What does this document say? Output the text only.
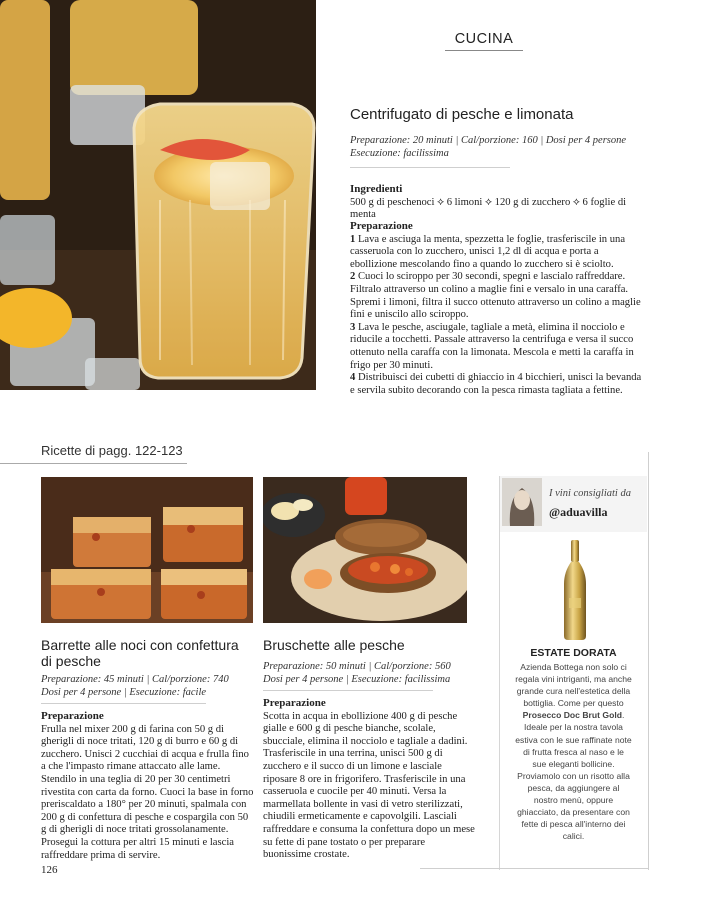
CUCINA
Centrifugato di pesche e limonata
Preparazione: 20 minuti | Cal/porzione: 160 | Dosi per 4 persone
Esecuzione: facilissima

Ingredienti

500 g di peschenoci ⟡ 6 limoni ⟡ 120 g di zucchero ⟡ 6 foglie di menta

Preparazione

1 Lava e asciuga la menta, spezzetta le foglie, trasferiscile in una casseruola con lo zucchero, unisci 1,2 dl di acqua e porta a ebollizione mescolando fino a quando lo zucchero si è sciolto.

2 Cuoci lo sciroppo per 30 secondi, spegni e lascialo raffreddare. Filtralo attraverso un colino a maglie fini e versalo in una caraffa. Spremi i limoni, filtra il succo ottenuto attraverso un colino a maglie fini e uniscilo allo sciroppo.

3 Lava le pesche, asciugale, tagliale a metà, elimina il nocciolo e riducile a tocchetti. Passale attraverso la centrifuga e versa il succo ottenuto nella caraffa con la limonata. Mescola e metti la caraffa in frigo per 30 minuti.

4 Distribuisci dei cubetti di ghiaccio in 4 bicchieri, unisci la bevanda e servila subito decorando con la pesca rimasta tagliata a fettine.

Ricette di pagg. 122-123
Barrette alle noci con confettura di pesche
Preparazione: 45 minuti | Cal/porzione: 740
Dosi per 4 persone | Esecuzione: facile

Preparazione

Frulla nel mixer 200 g di farina con 50 g di gherigli di noce tritati, 120 g di burro e 60 g di zucchero. Unisci 2 cucchiai di acqua e frulla fino a che l'impasto rimane attaccato alle lame. Stendilo in una teglia di 20 per 30 centimetri rivestita con carta da forno. Cuoci la base in forno preriscaldato a 180° per 20 minuti, spalmala con 200 g di confettura di pesche e cospargila con 50 g di gherigli di noce tritati grossolanamente. Prosegui la cottura per altri 15 minuti e lascia raffreddare prima di servire.

Bruschette alle pesche
Preparazione: 50 minuti | Cal/porzione: 560
Dosi per 4 persone | Esecuzione: facilissima

Preparazione

Scotta in acqua in ebollizione 400 g di pesche gialle e 600 g di pesche bianche, scolale, sbucciale, elimina il nocciolo e tagliale a dadini. Trasferiscile in una terrina, unisci 500 g di zucchero e il succo di un limone e lasciale riposare 8 ore in frigorifero. Trasferiscile in una casseruola e cuocile per 40 minuti. Versa la marmellata bollente in vasi di vetro sterilizzati, chiudili ermeticamente e capovolgili. Lasciali raffreddare e consuma la confettura dopo un mese su fette di pane tostato o per preparare buonissime crostate.

I vini consigliati da
@aduavilla
ESTATE DORATA
Azienda Bottega non solo ci regala vini intriganti, ma anche grande cura nell'estetica della bottiglia. Come per questo Prosecco Doc Brut Gold. Ideale per la nostra tavola estiva con le sue raffinate note di frutta fresca al naso e le sue eleganti bollicine. Proviamolo con un risotto alla pesca, da aggiungere al nostro menù, oppure ghiacciato, da presentare con fette di pesca all'interno dei calici.
126
